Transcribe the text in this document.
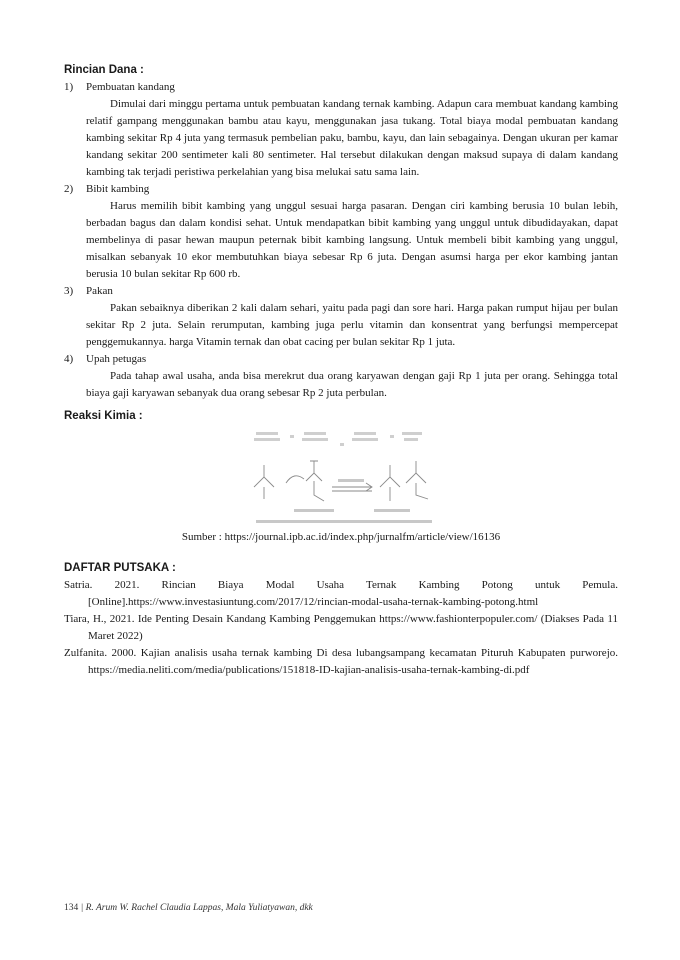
Rincian Dana :

1) Pembuatan kandang

Dimulai dari minggu pertama untuk pembuatan kandang ternak kambing. Adapun cara membuat kandang kambing relatif gampang menggunakan bambu atau kayu, menggunakan jasa tukang. Total biaya modal pembuatan kandang kambing sekitar Rp 4 juta yang termasuk pembelian paku, bambu, kayu, dan lain sebagainya. Dengan ukuran per kamar kandang sekitar 200 sentimeter kali 80 sentimeter. Hal tersebut dilakukan dengan maksud supaya di dalam kandang kambing tak terjadi peristiwa perkelahian yang bisa melukai satu sama lain.

2) Bibit kambing

Harus memilih bibit kambing yang unggul sesuai harga pasaran. Dengan ciri kambing berusia 10 bulan lebih, berbadan bagus dan dalam kondisi sehat. Untuk mendapatkan bibit kambing yang unggul untuk dibudidayakan, dapat membelinya di pasar hewan maupun peternak bibit kambing langsung. Untuk membeli bibit kambing yang unggul, misalkan sebanyak 10 ekor membutuhkan biaya sebesar Rp 6 juta. Dengan asumsi harga per ekor kambing jantan berusia 10 bulan sekitar Rp 600 rb.

3) Pakan

Pakan sebaiknya diberikan 2 kali dalam sehari, yaitu pada pagi dan sore hari. Harga pakan rumput hijau per bulan sekitar Rp 2 juta. Selain rerumputan, kambing juga perlu vitamin dan konsentrat yang berfungsi mempercepat penggemukannya. harga Vitamin ternak dan obat cacing per bulan sekitar Rp 1 juta.

4) Upah petugas

Pada tahap awal usaha, anda bisa merekrut dua orang karyawan dengan gaji Rp 1 juta per orang. Sehingga total biaya gaji karyawan sebanyak dua orang sebesar Rp 2 juta perbulan.

Reaksi Kimia :

Sumber : https://journal.ipb.ac.id/index.php/jurnalfm/article/view/16136

DAFTAR PUTSAKA :

Satria. 2021. Rincian Biaya Modal Usaha Ternak Kambing Potong untuk Pemula. [Online].https://www.investasiuntung.com/2017/12/rincian-modal-usaha-ternak-kambing-potong.html

Tiara, H., 2021. Ide Penting Desain Kandang Kambing Penggemukan https://www.fashionterpopuler.com/ (Diakses Pada 11 Maret 2022)

Zulfanita. 2000. Kajian analisis usaha ternak kambing Di desa lubangsampang kecamatan Pituruh Kabupaten purworejo. https://media.neliti.com/media/publications/151818-ID-kajian-analisis-usaha-ternak-kambing-di.pdf

134 | R. Arum W. Rachel Claudia Lappas, Mala Yuliatyawan, dkk
